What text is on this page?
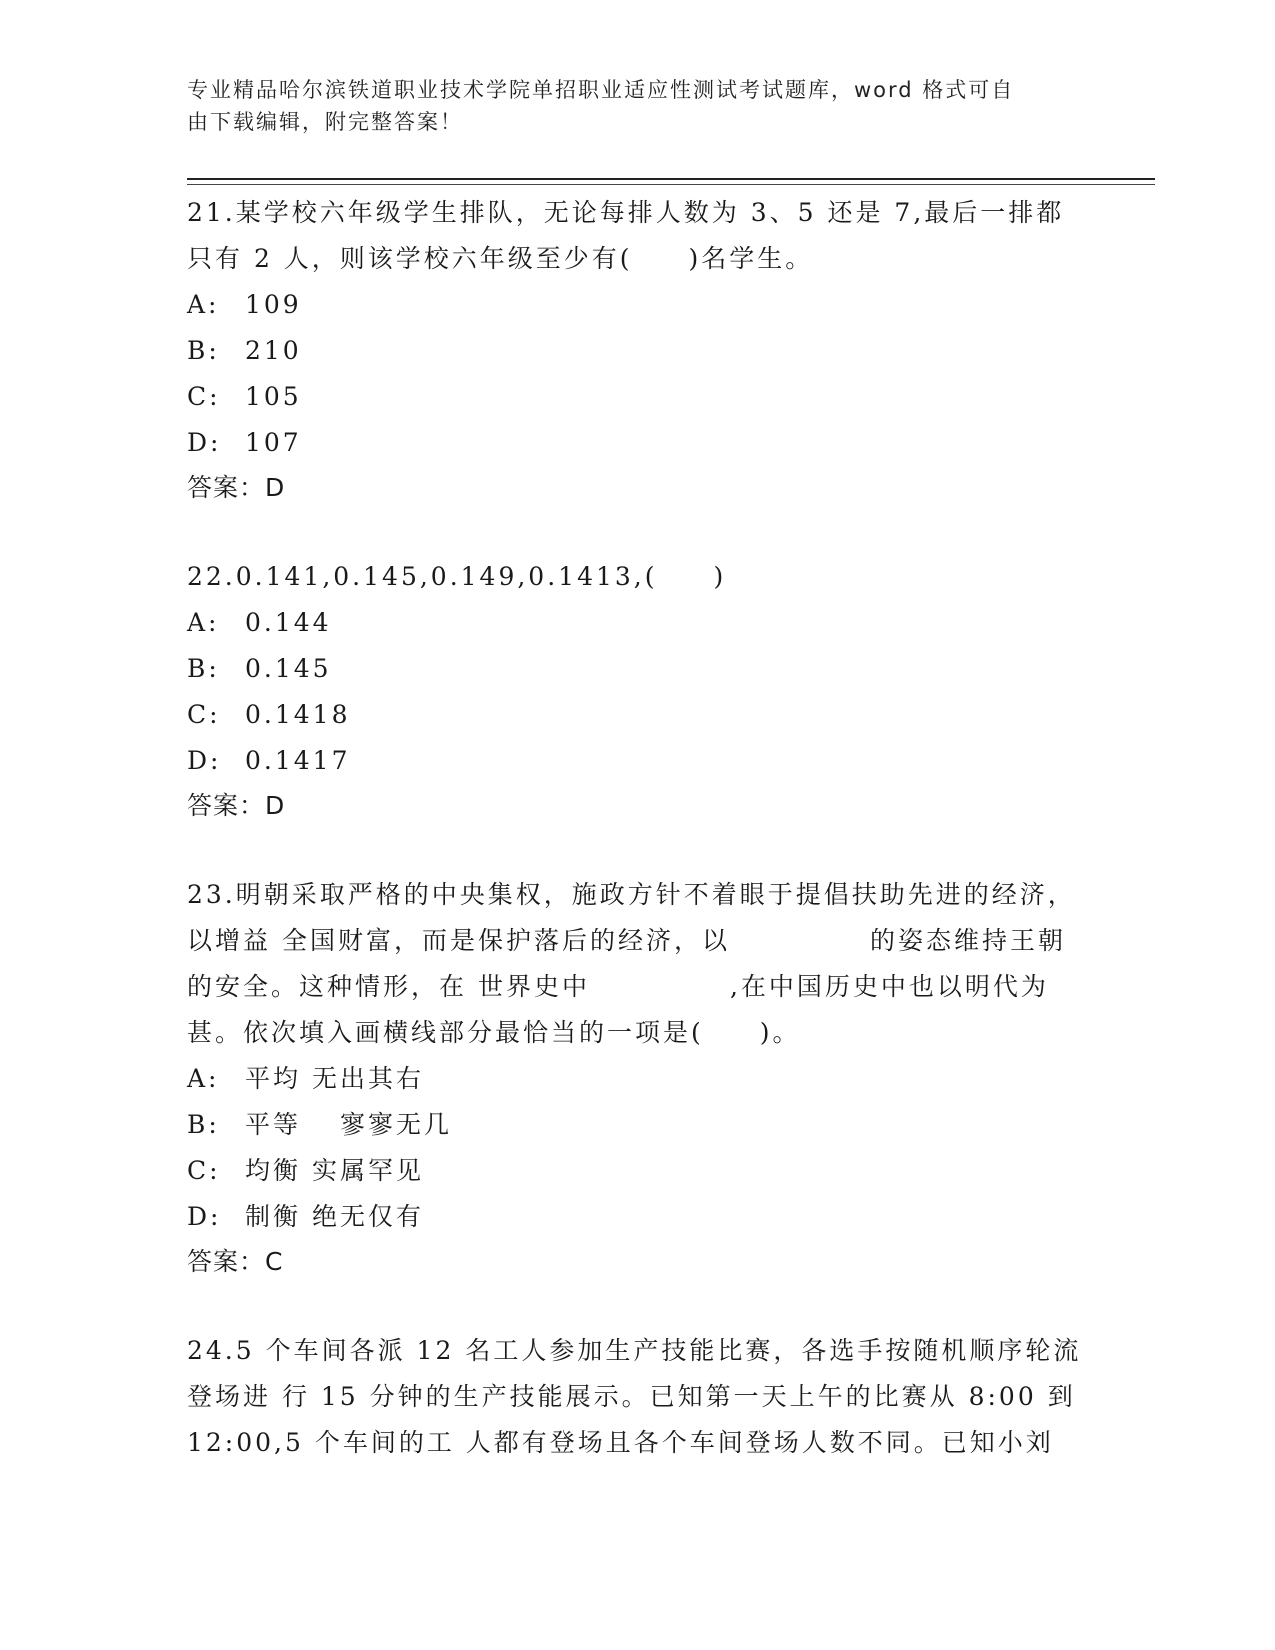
专业精品哈尔滨铁道职业技术学院单招职业适应性测试考试题库，word 格式可自
由下载编辑，附完整答案！
21.某学校六年级学生排队，无论每排人数为 3、5 还是 7,最后一排都只有 2 人，则该学校六年级至少有(　　)名学生。
A:	109
B:	210
C: 105
D: 107
答案：D
22.0.141,0.145,0.149,0.1413,(　　)
A:	0.144
B:	0.145
C: 0.1418
D: 0.1417
答案：D
23.明朝采取严格的中央集权，施政方针不着眼于提倡扶助先进的经济，以增益 全国财富，而是保护落后的经济，以　　　　　的姿态维持王朝的安全。这种情形，在 世界史中　　　　　,在中国历史中也以明代为甚。依次填入画横线部分最恰当的一项是(　　)。
A:	平均 无出其右
B:	平等　 寥寥无几
C: 均衡 实属罕见
D: 制衡 绝无仅有
答案：C
24.5 个车间各派 12 名工人参加生产技能比赛，各选手按随机顺序轮流登场进 行 15 分钟的生产技能展示。已知第一天上午的比赛从 8:00 到 12:00,5 个车间的工 人都有登场且各个车间登场人数不同。已知小刘
